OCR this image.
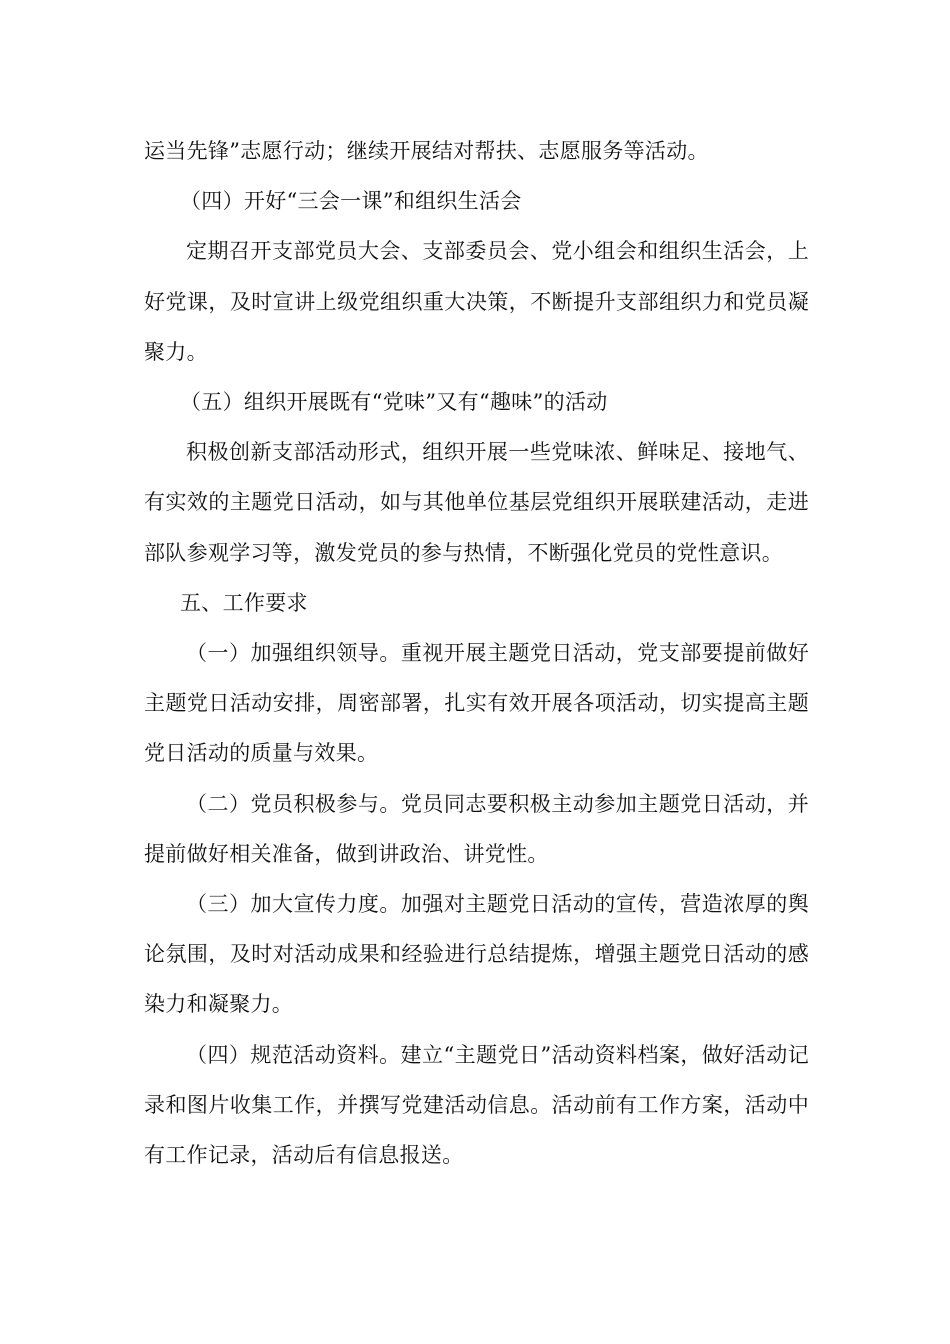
运当先锋”志愿行动；继续开展结对帮扶、志愿服务等活动。

（四）开好“三会一课”和组织生活会

定期召开支部党员大会、支部委员会、党小组会和组织生活会，上好党课，及时宣讲上级党组织重大决策，不断提升支部组织力和党员凝聚力。

（五）组织开展既有“党味”又有“趣味”的活动

积极创新支部活动形式，组织开展一些党味浓、鲜味足、接地气、有实效的主题党日活动，如与其他单位基层党组织开展联建活动，走进部队参观学习等，激发党员的参与热情，不断强化党员的党性意识。

五、工作要求

（一）加强组织领导。重视开展主题党日活动，党支部要提前做好主题党日活动安排，周密部署，扎实有效开展各项活动，切实提高主题党日活动的质量与效果。

（二）党员积极参与。党员同志要积极主动参加主题党日活动，并提前做好相关准备，做到讲政治、讲党性。

（三）加大宣传力度。加强对主题党日活动的宣传，营造浓厚的舆论氛围，及时对活动成果和经验进行总结提炼，增强主题党日活动的感染力和凝聚力。

（四）规范活动资料。建立“主题党日”活动资料档案，做好活动记录和图片收集工作，并撰写党建活动信息。活动前有工作方案，活动中有工作记录，活动后有信息报送。
